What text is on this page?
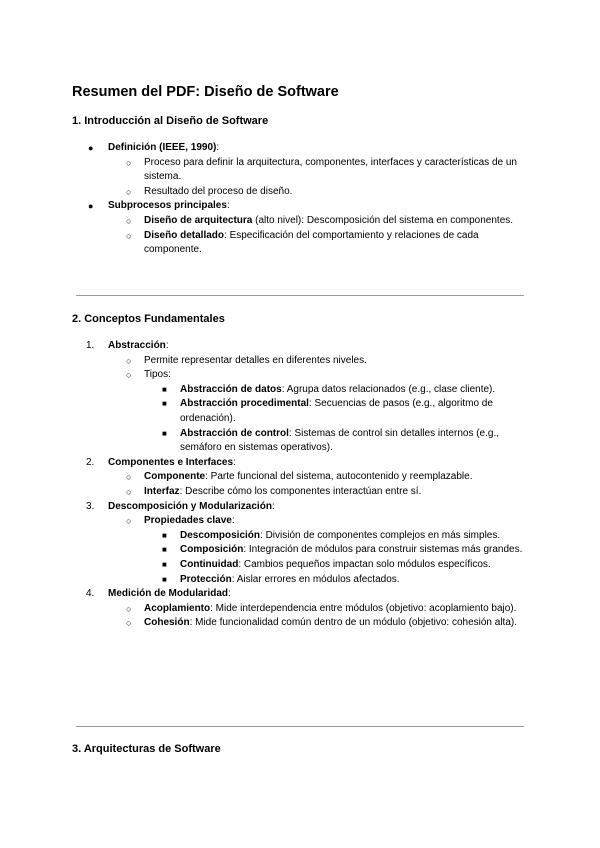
Resumen del PDF: Diseño de Software
1. Introducción al Diseño de Software
● Definición (IEEE, 1990):
○ Proceso para definir la arquitectura, componentes, interfaces y características de un sistema.
○ Resultado del proceso de diseño.
● Subprocesos principales:
○ Diseño de arquitectura (alto nivel): Descomposición del sistema en componentes.
○ Diseño detallado: Especificación del comportamiento y relaciones de cada componente.
2. Conceptos Fundamentales
1. Abstracción:
○ Permite representar detalles en diferentes niveles.
○ Tipos:
■ Abstracción de datos: Agrupa datos relacionados (e.g., clase cliente).
■ Abstracción procedimental: Secuencias de pasos (e.g., algoritmo de ordenación).
■ Abstracción de control: Sistemas de control sin detalles internos (e.g., semáforo en sistemas operativos).
2. Componentes e Interfaces:
○ Componente: Parte funcional del sistema, autocontenido y reemplazable.
○ Interfaz: Describe cómo los componentes interactúan entre sí.
3. Descomposición y Modularización:
○ Propiedades clave:
■ Descomposición: División de componentes complejos en más simples.
■ Composición: Integración de módulos para construir sistemas más grandes.
■ Continuidad: Cambios pequeños impactan solo módulos específicos.
■ Protección: Aislar errores en módulos afectados.
4. Medición de Modularidad:
○ Acoplamiento: Mide interdependencia entre módulos (objetivo: acoplamiento bajo).
○ Cohesión: Mide funcionalidad común dentro de un módulo (objetivo: cohesión alta).
3. Arquitecturas de Software
